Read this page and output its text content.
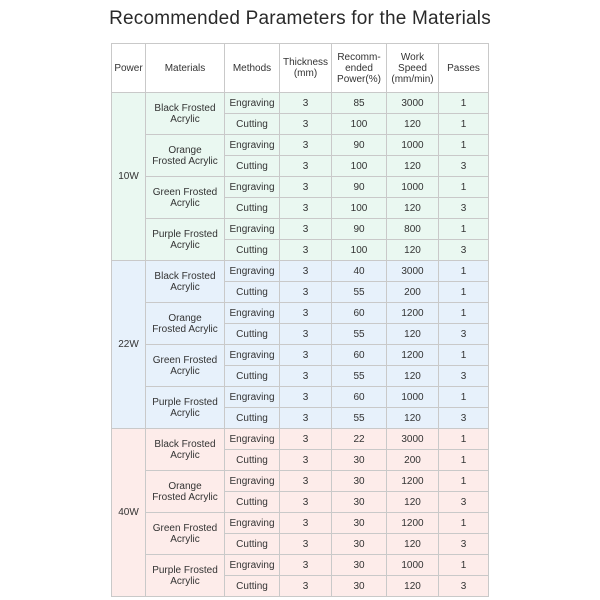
Recommended Parameters for the Materials
Power	Materials	Methods	Thickness (mm)	Recomm-ended Power(%)	Work Speed (mm/min)	Passes
10W	Black Frosted Acrylic	Engraving	3	85	3000	1
		Cutting	3	100	120	1
	Orange Frosted Acrylic	Engraving	3	90	1000	1
		Cutting	3	100	120	3
	Green Frosted Acrylic	Engraving	3	90	1000	1
		Cutting	3	100	120	3
	Purple Frosted Acrylic	Engraving	3	90	800	1
		Cutting	3	100	120	3
22W	Black Frosted Acrylic	Engraving	3	40	3000	1
		Cutting	3	55	200	1
	Orange Frosted Acrylic	Engraving	3	60	1200	1
		Cutting	3	55	120	3
	Green Frosted Acrylic	Engraving	3	60	1200	1
		Cutting	3	55	120	3
	Purple Frosted Acrylic	Engraving	3	60	1000	1
		Cutting	3	55	120	3
40W	Black Frosted Acrylic	Engraving	3	22	3000	1
		Cutting	3	30	200	1
	Orange Frosted Acrylic	Engraving	3	30	1200	1
		Cutting	3	30	120	3
	Green Frosted Acrylic	Engraving	3	30	1200	1
		Cutting	3	30	120	3
	Purple Frosted Acrylic	Engraving	3	30	1000	1
		Cutting	3	30	120	3
